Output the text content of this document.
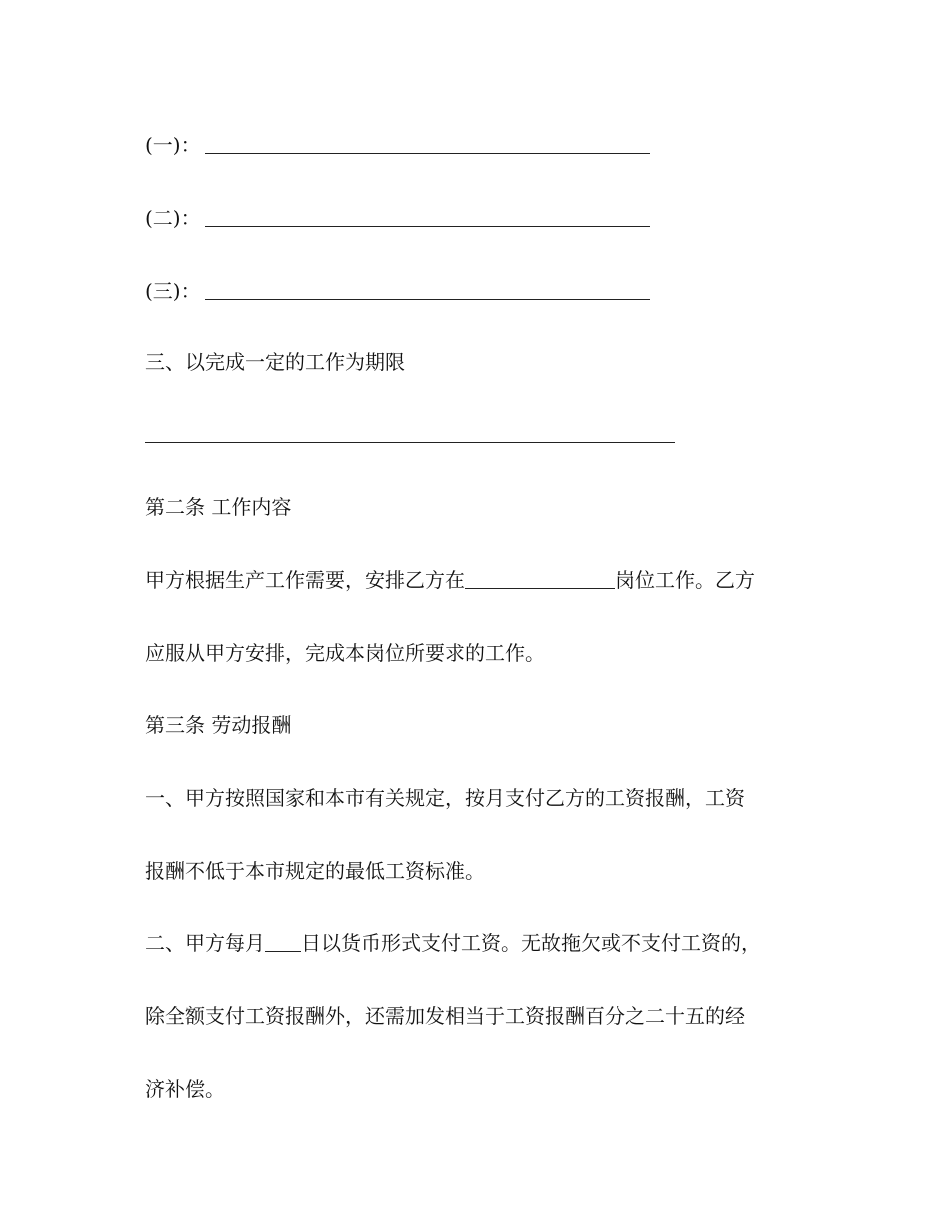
(一)：
(二)：
(三)：
三、以完成一定的工作为期限
第二条 工作内容
甲方根据生产工作需要，安排乙方在	岗位工作。乙方
应服从甲方安排，完成本岗位所要求的工作。
第三条 劳动报酬
一、甲方按照国家和本市有关规定，按月支付乙方的工资报酬，工资
报酬不低于本市规定的最低工资标准。
二、甲方每月 日以货币形式支付工资。无故拖欠或不支付工资的，
除全额支付工资报酬外，还需加发相当于工资报酬百分之二十五的经
济补偿。
